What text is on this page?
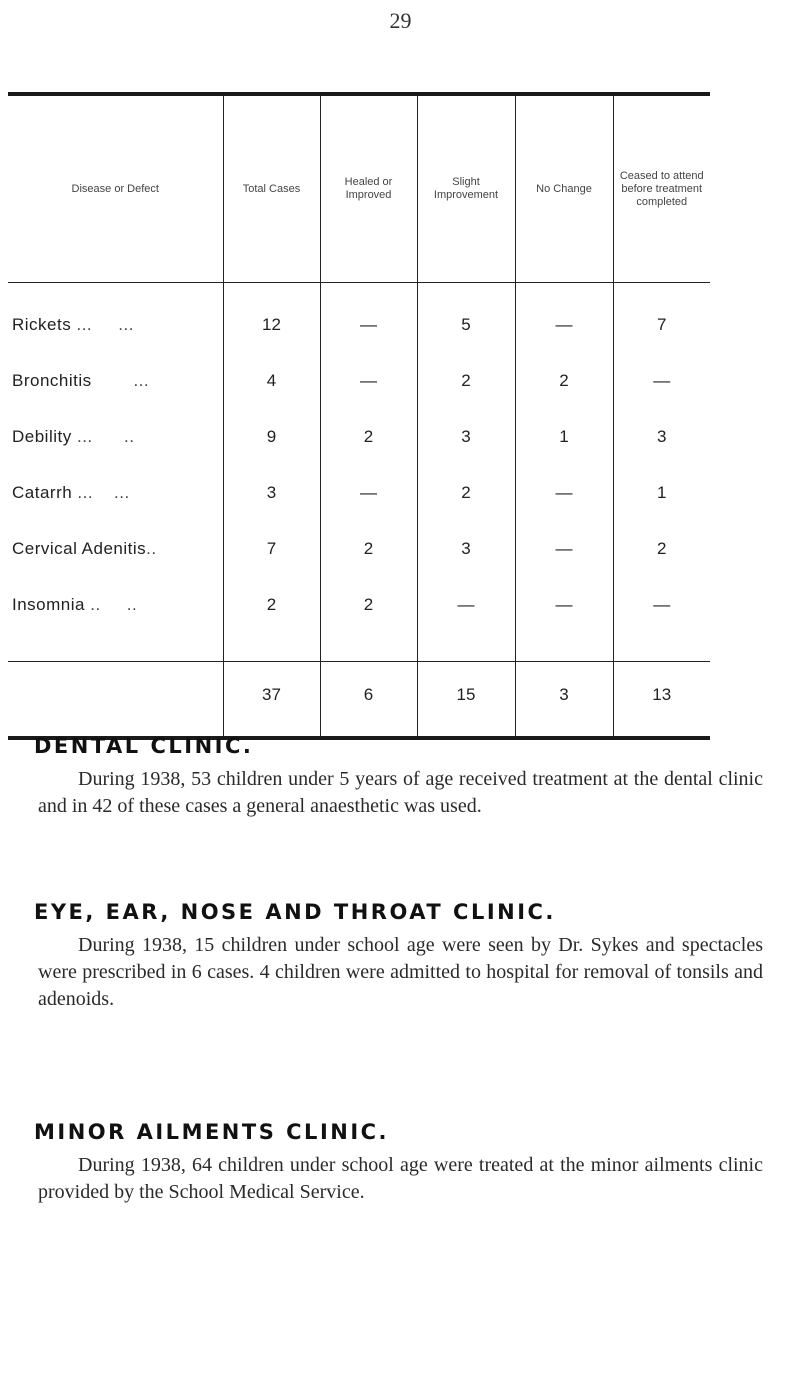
29
Disease or Defect	Total Cases	Healed or Improved	Slight Improvement	No Change	Ceased to attend before treatment completed
Rickets ... ...	12	—	5	—	7
Bronchitis ...	4	—	2	2	—
Debility ... ..	9	2	3	1	3
Catarrh ... ...	3	—	2	—	1
Cervical Adenitis..	7	2	3	—	2
Insomnia .. ..	2	2	—	—	—

	37	6	15	3	13
DENTAL CLINIC.

During 1938, 53 children under 5 years of age received treatment at the dental clinic and in 42 of these cases a general anaesthetic was used.

EYE, EAR, NOSE AND THROAT CLINIC.

During 1938, 15 children under school age were seen by Dr. Sykes and spectacles were prescribed in 6 cases. 4 children were admitted to hospital for removal of tonsils and adenoids.

MINOR AILMENTS CLINIC.

During 1938, 64 children under school age were treated at the minor ailments clinic provided by the School Medical Service.
